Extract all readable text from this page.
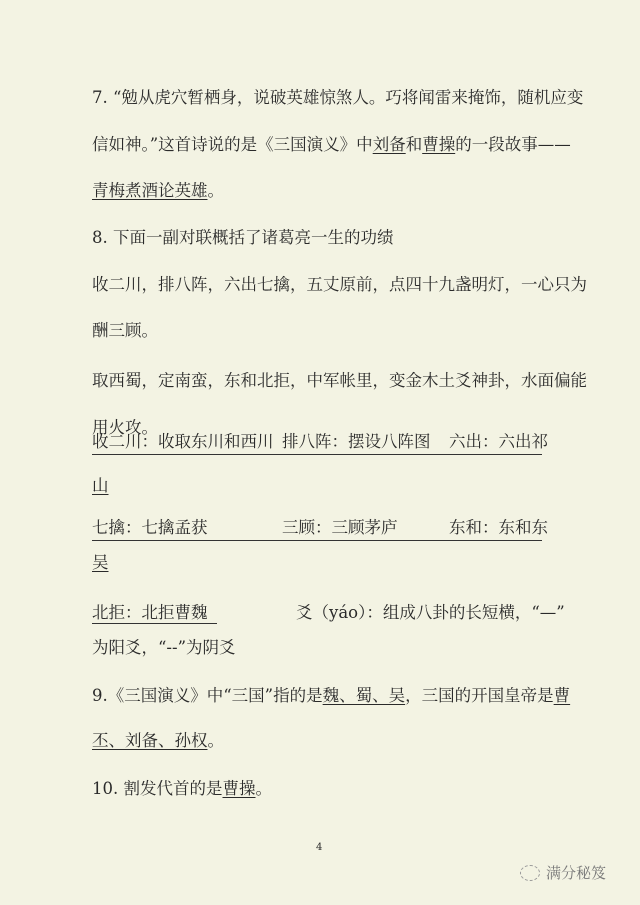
7. “勉从虎穴暂栖身，说破英雄惊煞人。巧将闻雷来掩饰，随机应变
信如神。”这首诗说的是《三国演义》中刘备和曹操的一段故事——
青梅煮酒论英雄。
8. 下面一副对联概括了诸葛亮一生的功绩
收二川，排八阵，六出七擒，五丈原前，点四十九盏明灯，一心只为
酬三顾。
取西蜀，定南蛮，东和北拒，中军帐里，变金木土爻神卦，水面偏能
用火攻。
收二川：收取东川和西川 排八阵：摆设八阵图 六出：六出祁
山
七擒：七擒孟获	三顾：三顾茅庐	东和：东和东
吴
北拒：北拒曹魏	爻（yáo）：组成八卦的长短横，“—”
为阳爻，“--”为阴爻
9.《三国演义》中“三国”指的是魏、蜀、吴，三国的开国皇帝是曹
丕、刘备、孙权。
10. 割发代首的是曹操。
4
满分秘笈
